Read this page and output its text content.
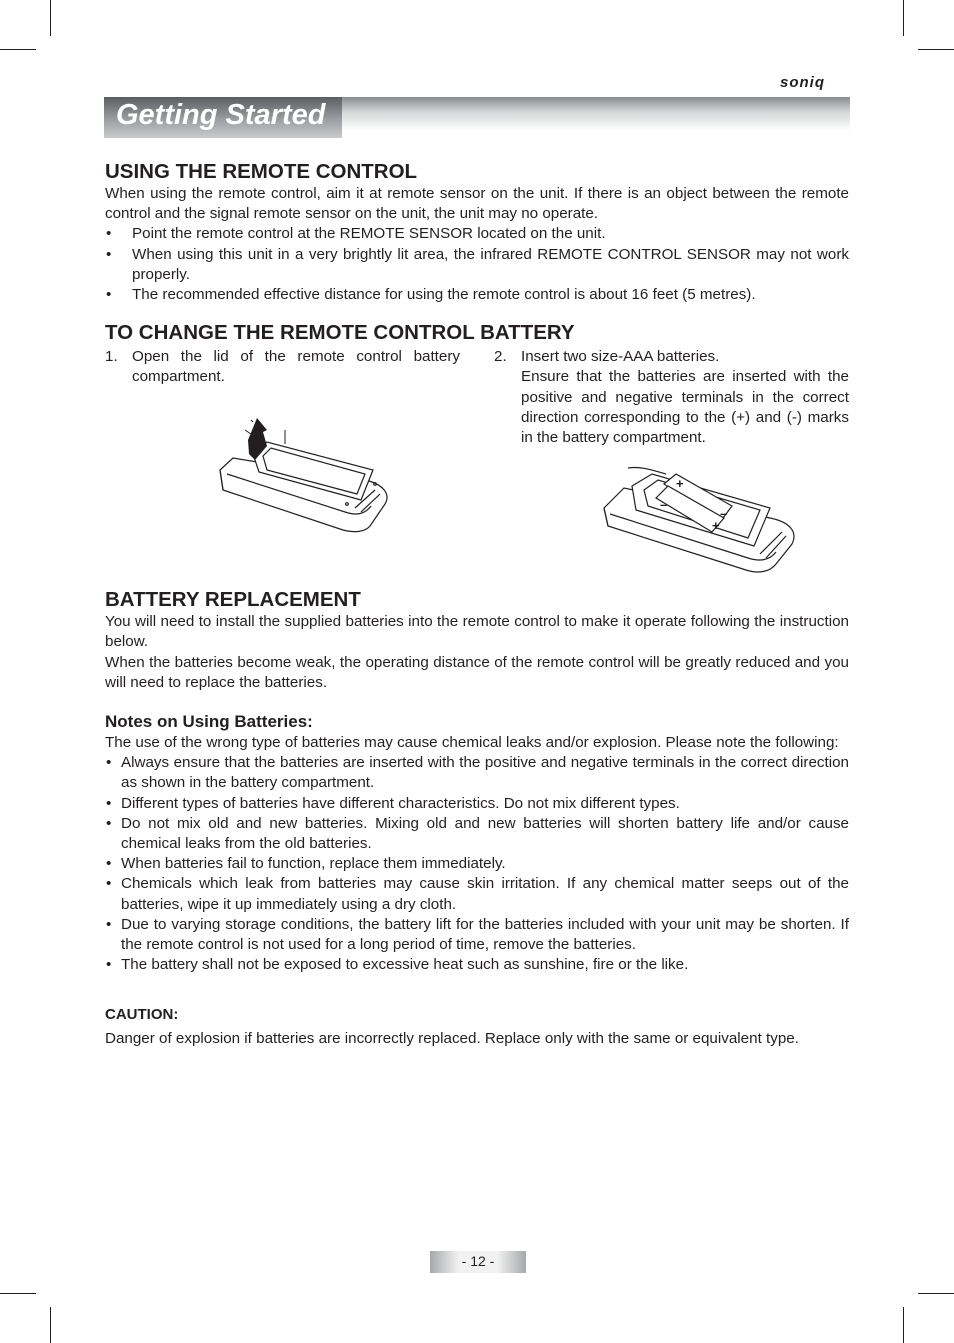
soniq
Getting Started
USING THE REMOTE CONTROL

When using the remote control, aim it at remote sensor on the unit. If there is an object between the remote control and the signal remote sensor on the unit, the unit may no operate.

• Point the remote control at the REMOTE SENSOR located on the unit.
• When using this unit in a very brightly lit area, the infrared REMOTE CONTROL SENSOR may not work properly.
• The recommended effective distance for using the remote control is about 16 feet (5 metres).
TO CHANGE THE REMOTE CONTROL BATTERY
1. Open the lid of the remote control battery compartment.
2. Insert two size-AAA batteries.
Ensure that the batteries are inserted with the positive and negative terminals in the correct direction corresponding to the (+) and (-) marks in the battery compartment.
BATTERY REPLACEMENT

You will need to install the supplied batteries into the remote control to make it operate following the instruction below.

When the batteries become weak, the operating distance of the remote control will be greatly reduced and you will need to replace the batteries.

Notes on Using Batteries:

The use of the wrong type of batteries may cause chemical leaks and/or explosion. Please note the following:

• Always ensure that the batteries are inserted with the positive and negative terminals in the correct direction as shown in the battery compartment.
• Different types of batteries have different characteristics. Do not mix different types.
• Do not mix old and new batteries. Mixing old and new batteries will shorten battery life and/or cause chemical leaks from the old batteries.
• When batteries fail to function, replace them immediately.
• Chemicals which leak from batteries may cause skin irritation. If any chemical matter seeps out of the batteries, wipe it up immediately using a dry cloth.
• Due to varying storage conditions, the battery lift for the batteries included with your unit may be shorten. If the remote control is not used for a long period of time, remove the batteries.
• The battery shall not be exposed to excessive heat such as sunshine, fire or the like.
CAUTION:

Danger of explosion if batteries are incorrectly replaced. Replace only with the same or equivalent type.

+
–
–
+
- 12 -
